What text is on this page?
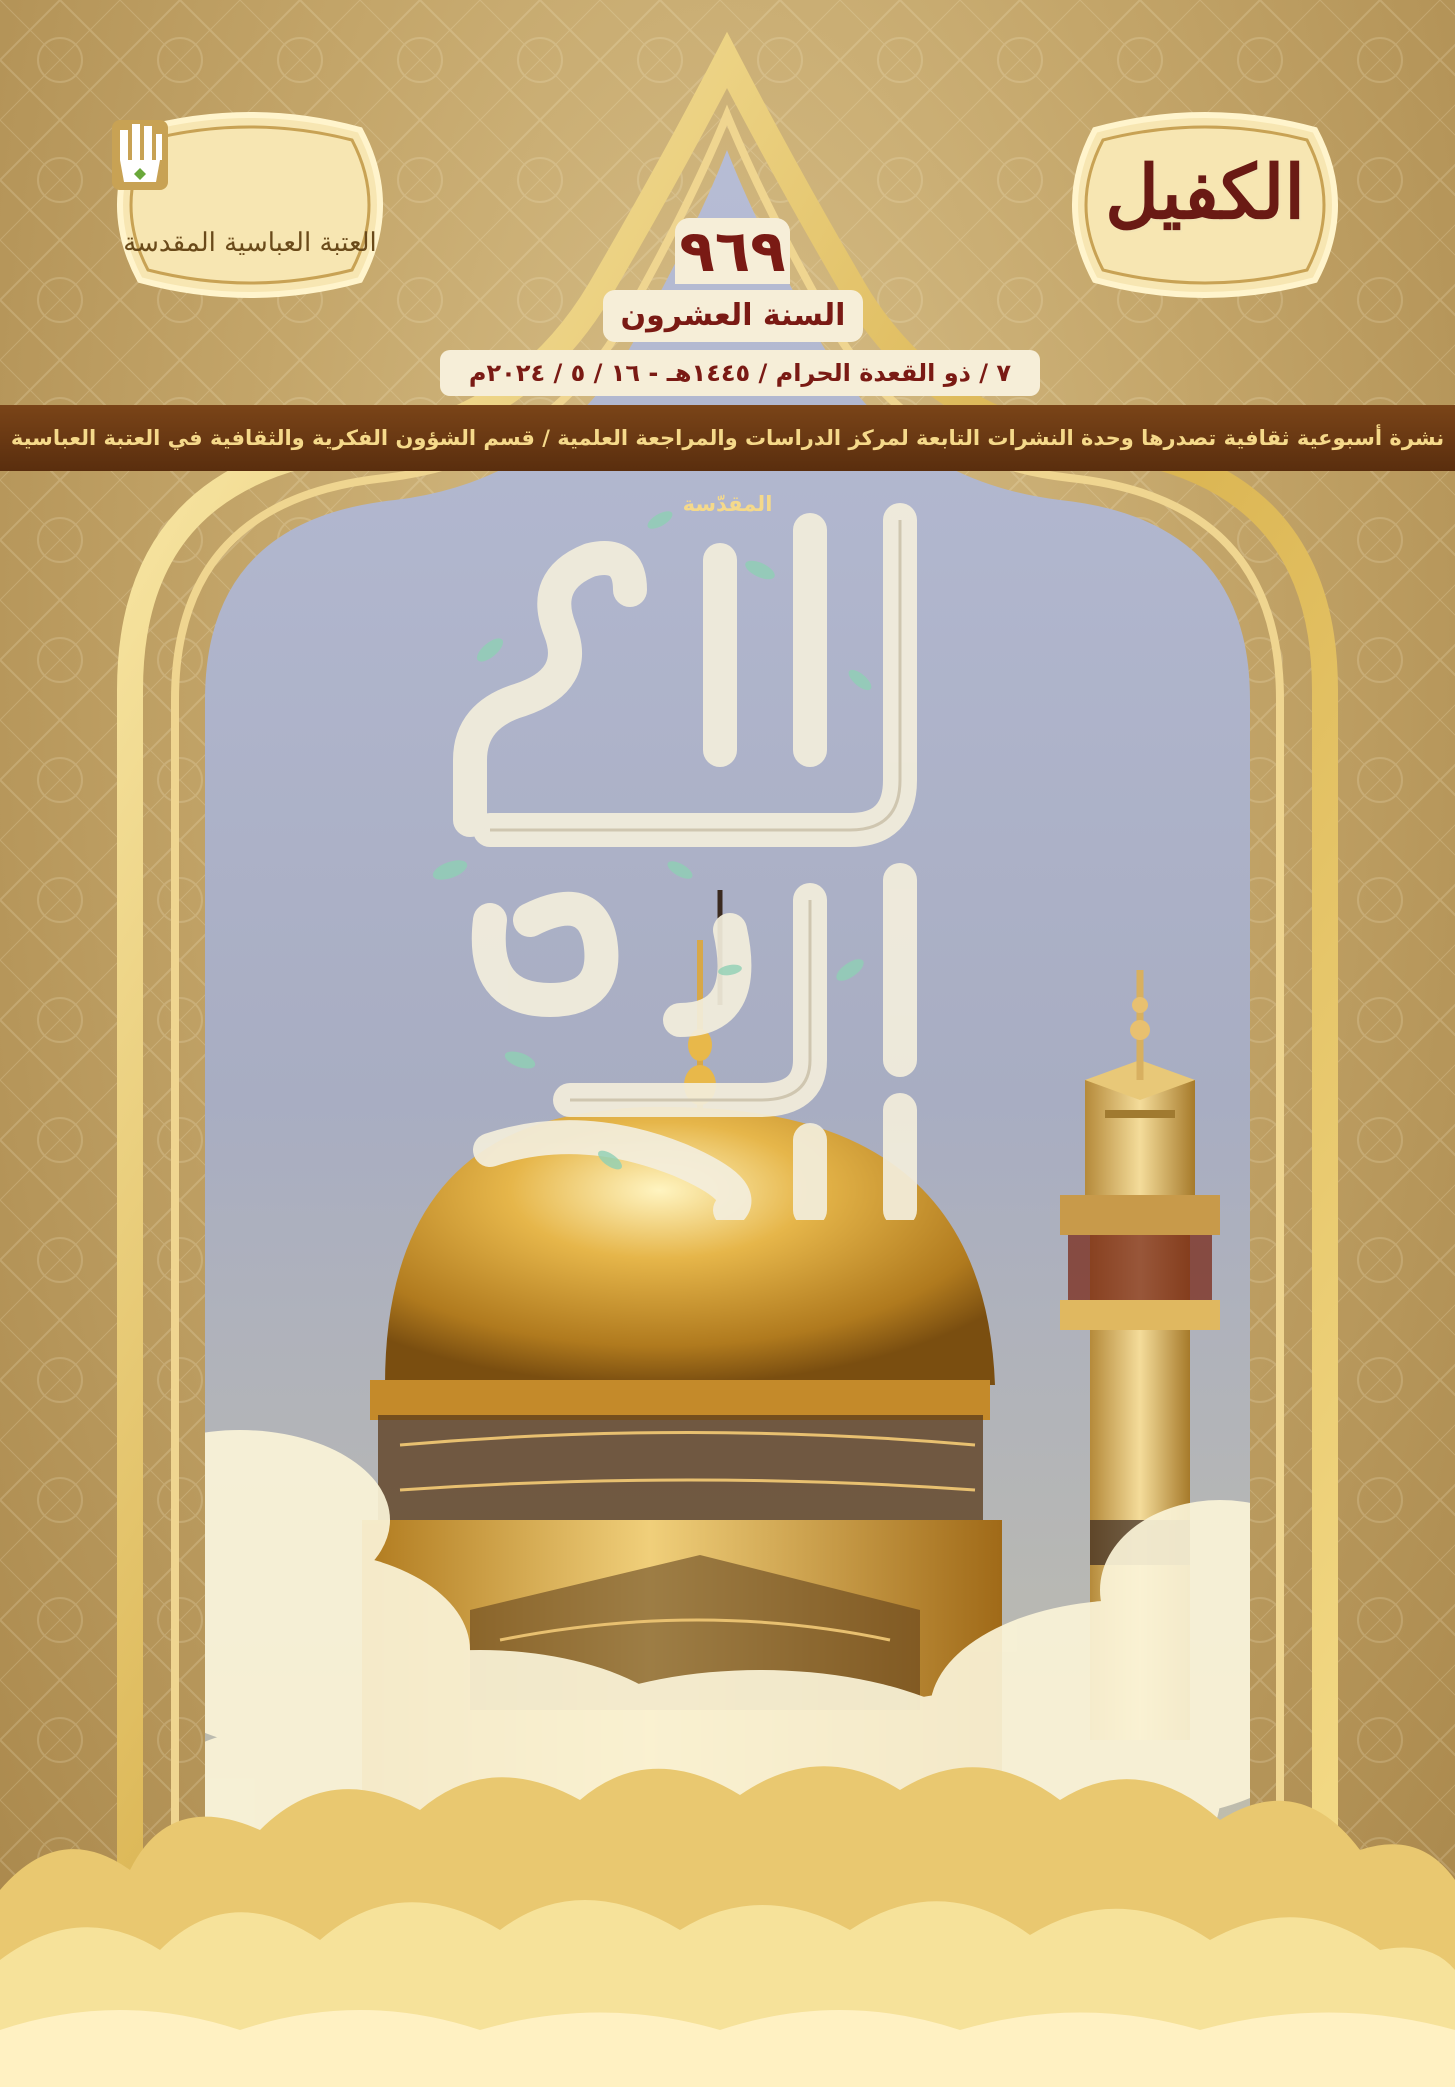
العتبة العباسية المقدسة
الكفيل
٩٦٩
السنة العشرون
٧ / ذو القعدة الحرام / ١٤٤٥هـ - ١٦ / ٥ / ٢٠٢٤م
نشرة أسبوعية ثقافية تصدرها وحدة النشرات التابعة لمركز الدراسات والمراجعة العلمية / قسم الشؤون الفكرية والثقافية في العتبة العباسية المقدّسة
